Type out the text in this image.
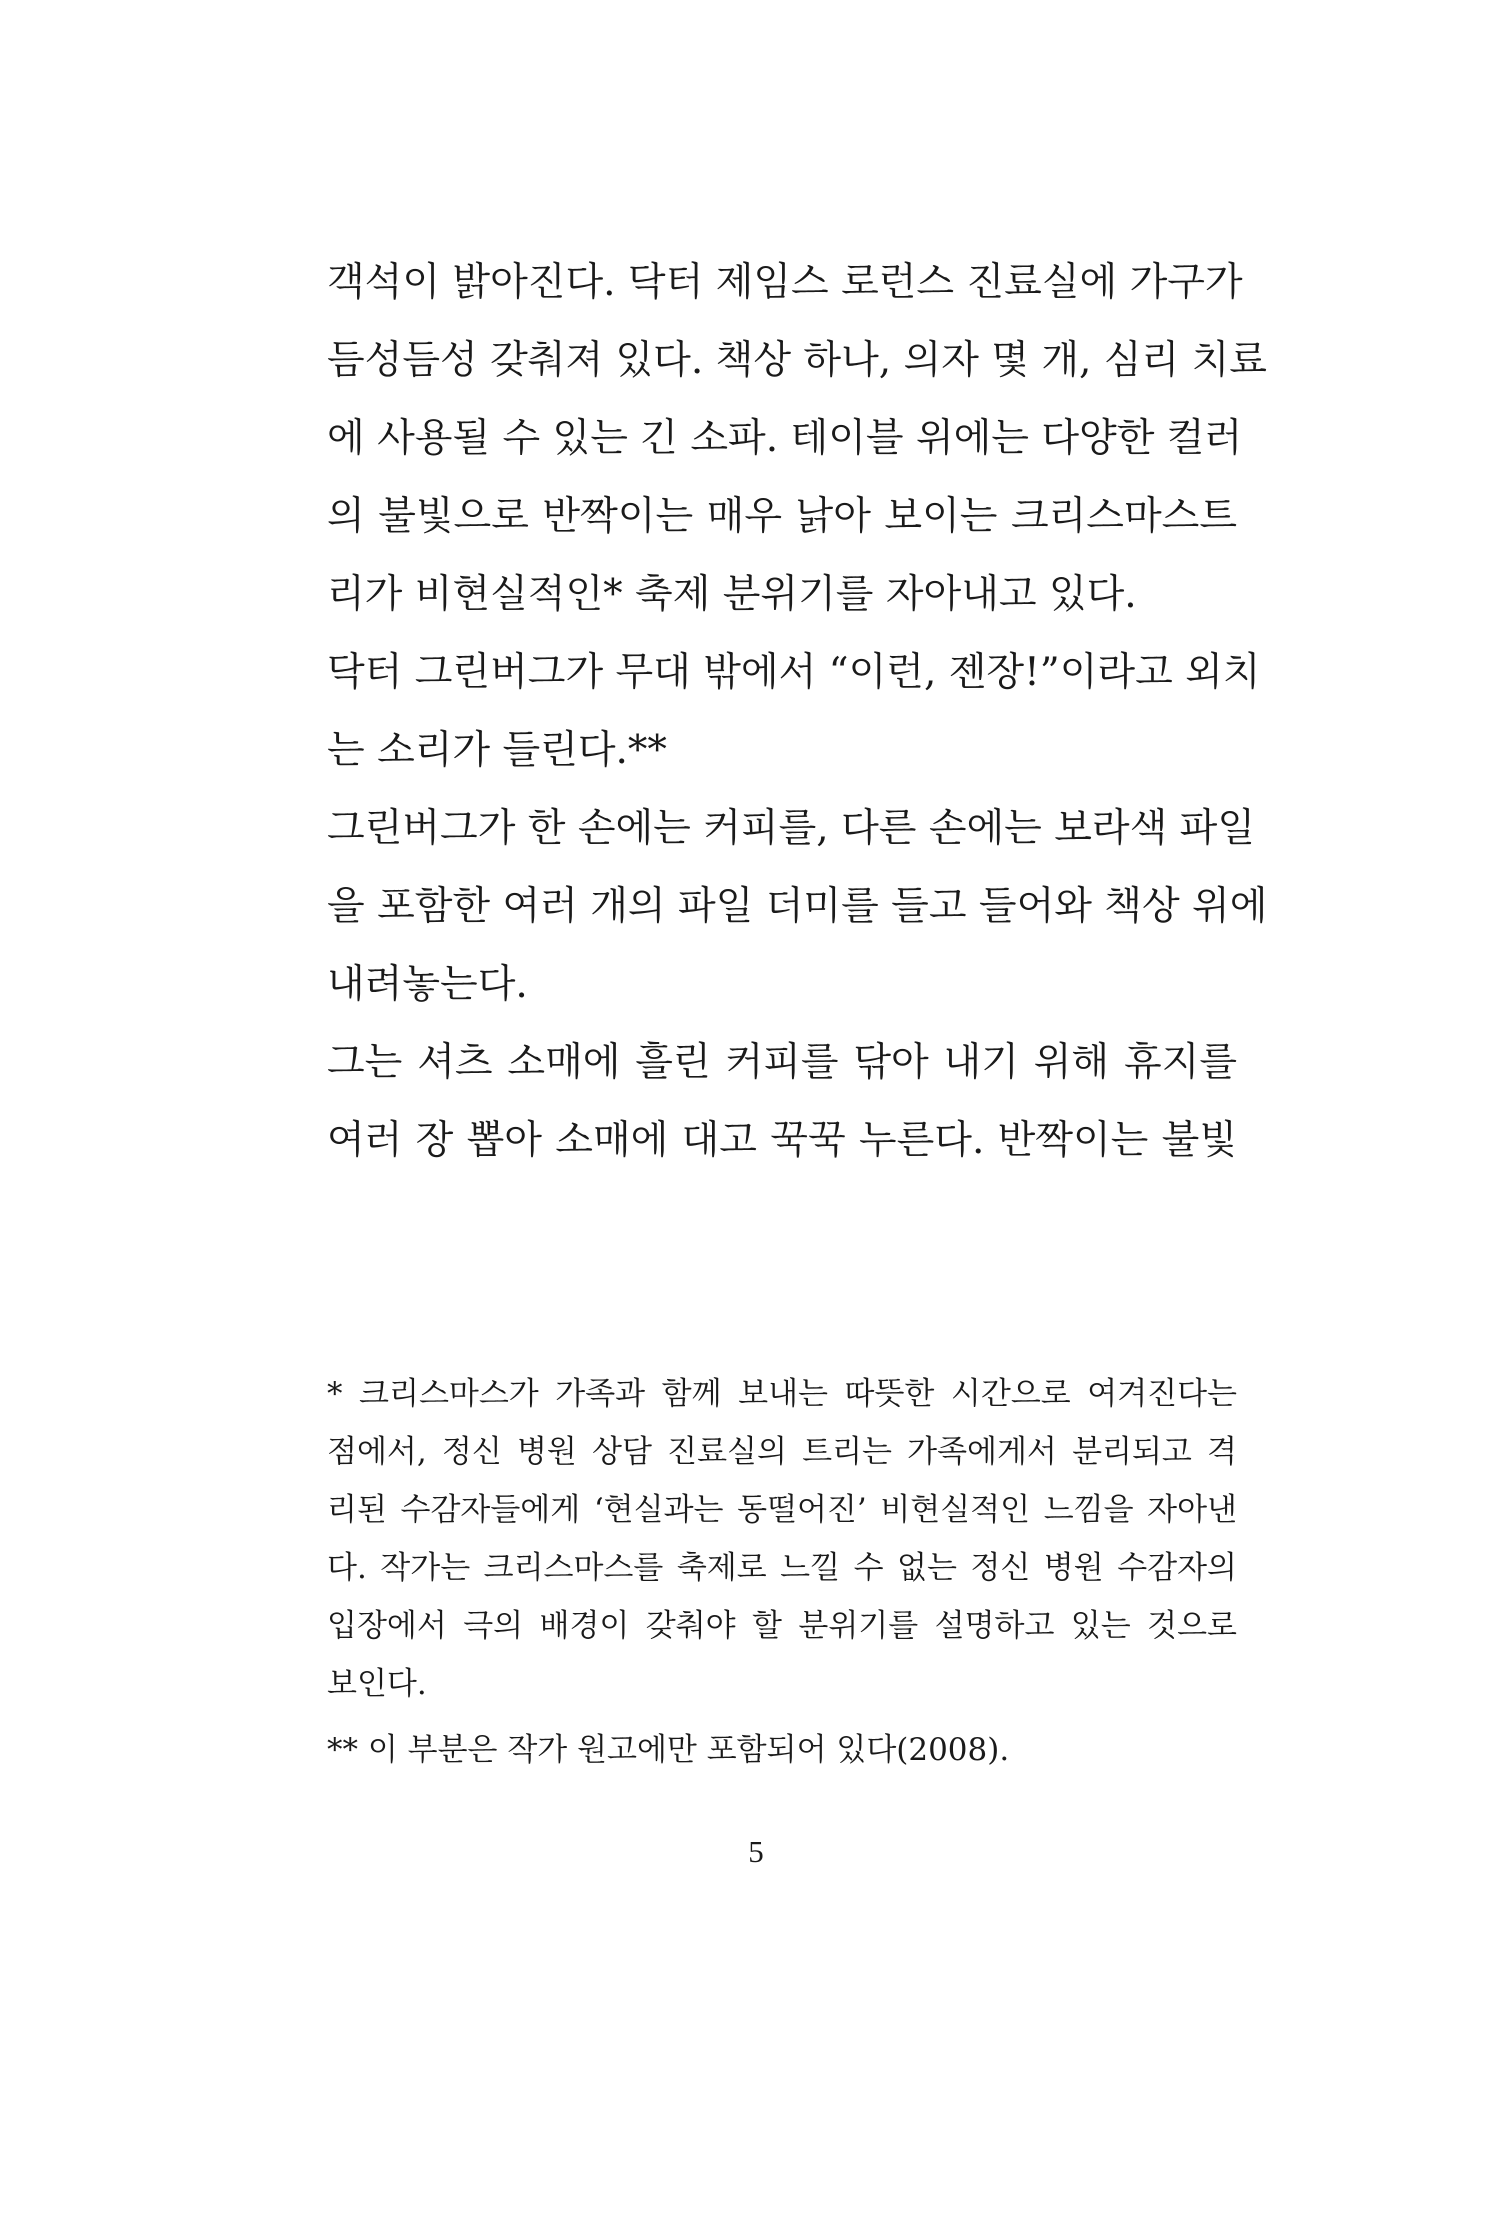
객석이 밝아진다. 닥터 제임스 로런스 진료실에 가구가
듬성듬성 갖춰져 있다. 책상 하나, 의자 몇 개, 심리 치료
에 사용될 수 있는 긴 소파. 테이블 위에는 다양한 컬러
의 불빛으로 반짝이는 매우 낡아 보이는 크리스마스트
리가 비현실적인* 축제 분위기를 자아내고 있다.
닥터 그린버그가 무대 밖에서 “이런, 젠장!”이라고 외치
는 소리가 들린다.**
그린버그가 한 손에는 커피를, 다른 손에는 보라색 파일
을 포함한 여러 개의 파일 더미를 들고 들어와 책상 위에
내려놓는다.
그는 셔츠 소매에 흘린 커피를 닦아 내기 위해 휴지를
여러 장 뽑아 소매에 대고 꾹꾹 누른다. 반짝이는 불빛
* 크리스마스가 가족과 함께 보내는 따뜻한 시간으로 여겨진다는
점에서, 정신 병원 상담 진료실의 트리는 가족에게서 분리되고 격
리된 수감자들에게 ‘현실과는 동떨어진’ 비현실적인 느낌을 자아낸
다. 작가는 크리스마스를 축제로 느낄 수 없는 정신 병원 수감자의
입장에서 극의 배경이 갖춰야 할 분위기를 설명하고 있는 것으로
보인다.
** 이 부분은 작가 원고에만 포함되어 있다(2008).
5
